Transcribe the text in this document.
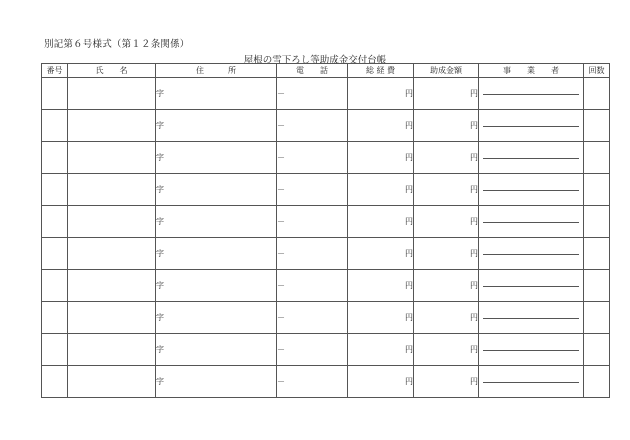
別記第６号様式（第１２条関係）
屋根の雪下ろし等助成金交付台帳
番号	氏　　名	住　　　所	電　　話	総 経 費	助成金額	事　　業　　者	回数
		字	－	円	円	

		字	－	円	円	

		字	－	円	円	

		字	－	円	円	

		字	－	円	円	

		字	－	円	円	

		字	－	円	円	

		字	－	円	円	

		字	－	円	円	

		字	－	円	円	
